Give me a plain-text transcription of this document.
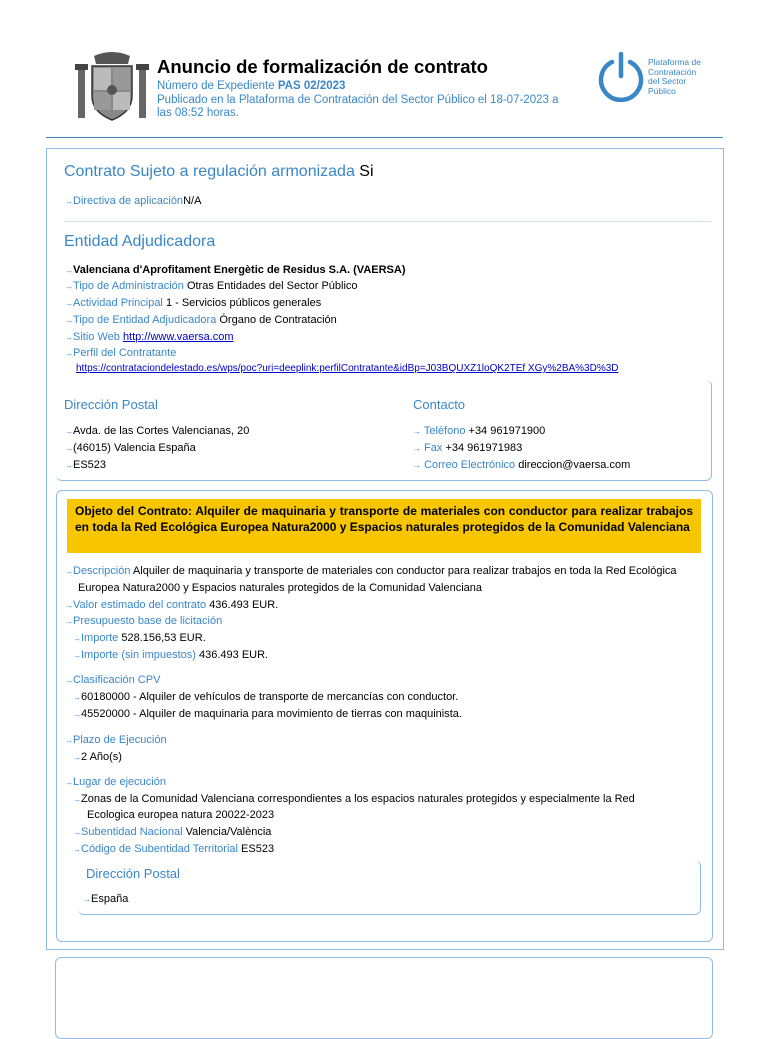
Anuncio de formalización de contrato
Número de Expediente PAS 02/2023
Publicado en la Plataforma de Contratación del Sector Público el 18-07-2023 a
las 08:52 horas.
Plataforma de
Contratación
del Sector
Público
Contrato Sujeto a regulación armonizada Si
→Directiva de aplicaciónN/A
Entidad Adjudicadora
→Valenciana d'Aprofitament Energètic de Residus S.A. (VAERSA)
→Tipo de Administración Otras Entidades del Sector Público
→Actividad Principal 1 - Servicios públicos generales
→Tipo de Entidad Adjudicadora Órgano de Contratación
→Sitio Web http://www.vaersa.com
→Perfil del Contratante
https://contrataciondelestado.es/wps/poc?uri=deeplink:perfilContratante&idBp=J03BQUXZ1loQK2TEf XGy%2BA%3D%3D
Dirección Postal
→Avda. de las Cortes Valencianas, 20
→(46015) Valencia España
→ES523
Contacto
→ Teléfono +34 961971900
→ Fax +34 961971983
→ Correo Electrónico direccion@vaersa.com
Objeto del Contrato: Alquiler de maquinaria y transporte de materiales con conductor para realizar trabajos en toda la Red Ecológica Europea Natura2000 y Espacios naturales protegidos de la Comunidad Valenciana
→Descripción Alquiler de maquinaria y transporte de materiales con conductor para realizar trabajos en toda la Red Ecológica
Europea Natura2000 y Espacios naturales protegidos de la Comunidad Valenciana
→Valor estimado del contrato 436.493 EUR.
→Presupuesto base de licitación
→Importe 528.156,53 EUR.
→Importe (sin impuestos) 436.493 EUR.
→Clasificación CPV
→60180000 - Alquiler de vehículos de transporte de mercancías con conductor.
→45520000 - Alquiler de maquinaria para movimiento de tierras con maquinista.
→Plazo de Ejecución
→2 Año(s)
→Lugar de ejecución
→Zonas de la Comunidad Valenciana correspondientes a los espacios naturales protegidos y especialmente la Red
Ecologica europea natura 20022-2023
→Subentidad Nacional Valencia/València
→Código de Subentidad Territorial ES523
Dirección Postal
→España
